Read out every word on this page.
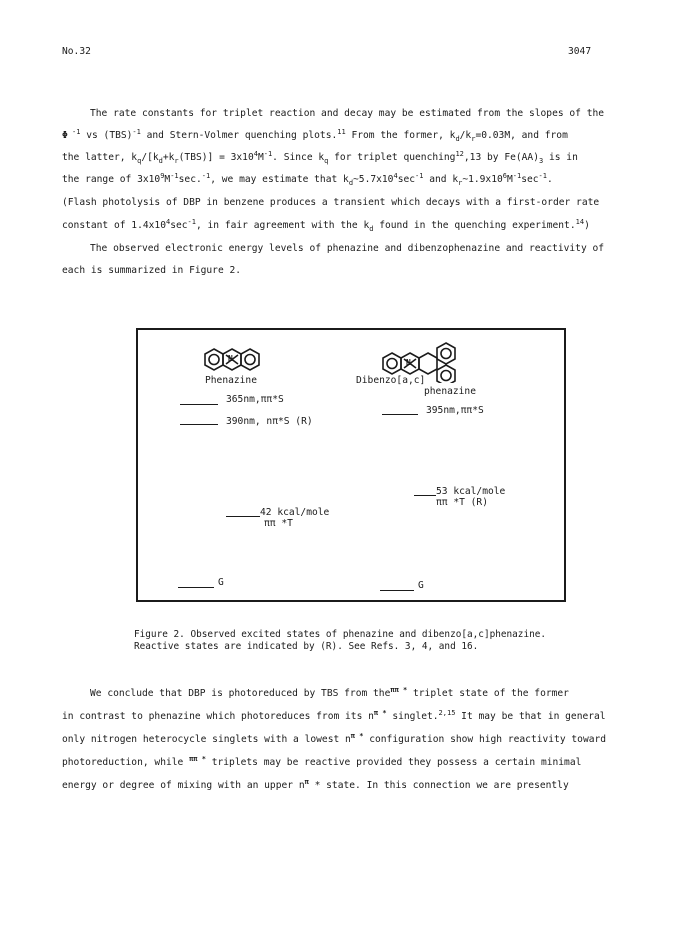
No.32	3047
The rate constants for triplet reaction and decay may be estimated from the slopes of the
Φ $^{-1}$ vs (TBS)$^{-1}$ and Stern-Volmer quenching plots.$^{11}$ From the former, $k_d/k_r=0.03M$, and from
the latter, $k_q/[k_d+k_r(TBS)] = 3x10^4M^{-1}$. Since $k_q$ for triplet quenching$^{12}$,13 by $Fe(AA)_3$ is in
the range of $3x10^9M^{-1}\sec.^{-1}$, we may estimate that $k_d\sim 5.7x10^4\sec^{-1}$ and $k_r\sim 1.9x10^6M^{-1}\sec^{-1}$.
(Flash photolysis of DBP in benzene produces a transient which decays with a first-order rate
constant of $1.4x10^4\sec^{-1}$, in fair agreement with the $k_d$ found in the quenching experiment.$^{14}$)
The observed electronic energy levels of phenazine and dibenzophenazine and reactivity of
each is summarized in Figure 2.
N
Phenazine
N
Dibenzo[a,c]
phenazine
365nm,ππ*S
390nm, nπ*S (R)
42 kcal/mole
ππ *T
G
395nm,ππ*S
53 kcal/mole
ππ *T (R)
G
Figure 2. Observed excited states of phenazine and dibenzo[a,c]phenazine.
Reactive states are indicated by (R). See Refs. 3, 4, and 16.
We conclude that DBP is photoreduced by TBS from the$^{\pi\pi *}$ triplet state of the former
in contrast to phenazine which photoreduces from its $n^{\pi *}$ singlet.$^{2,15}$ It may be that in general
only nitrogen heterocycle singlets with a lowest $n^{\pi *}$ configuration show high reactivity toward
photoreduction, while $^{\pi\pi *}$ triplets may be reactive provided they possess a certain minimal
energy or degree of mixing with an upper $n^\pi$ * state. In this connection we are presently
